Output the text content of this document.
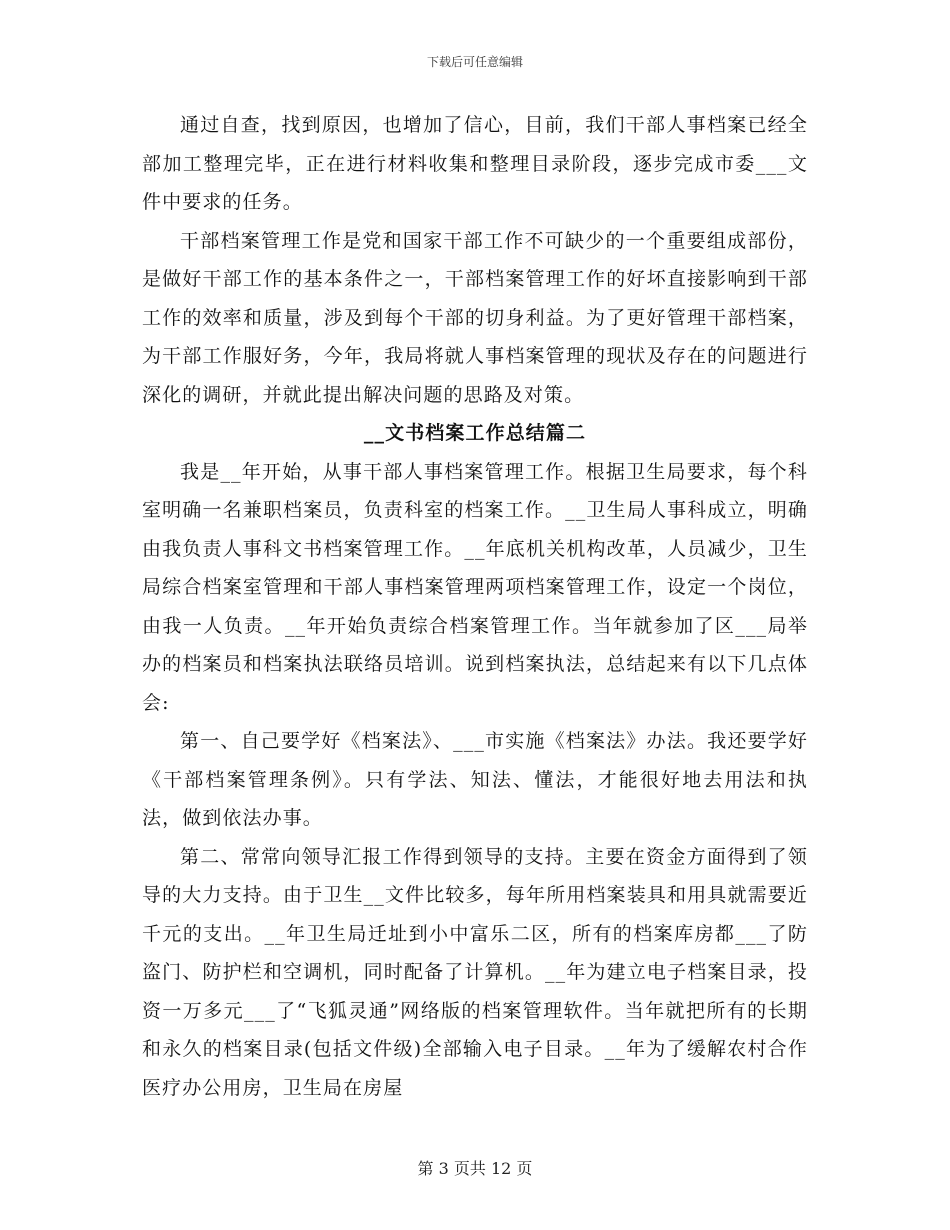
下载后可任意编辑

通过自查，找到原因，也增加了信心，目前，我们干部人事档案已经全部加工整理完毕，正在进行材料收集和整理目录阶段，逐步完成市委___文件中要求的任务。

干部档案管理工作是党和国家干部工作不可缺少的一个重要组成部份，是做好干部工作的基本条件之一，干部档案管理工作的好坏直接影响到干部工作的效率和质量，涉及到每个干部的切身利益。为了更好管理干部档案，为干部工作服好务，今年，我局将就人事档案管理的现状及存在的问题进行深化的调研，并就此提出解决问题的思路及对策。

__文书档案工作总结篇二

我是__年开始，从事干部人事档案管理工作。根据卫生局要求，每个科室明确一名兼职档案员，负责科室的档案工作。__卫生局人事科成立，明确由我负责人事科文书档案管理工作。__年底机关机构改革，人员减少，卫生局综合档案室管理和干部人事档案管理两项档案管理工作，设定一个岗位，由我一人负责。__年开始负责综合档案管理工作。当年就参加了区___局举办的档案员和档案执法联络员培训。说到档案执法，总结起来有以下几点体会:

第一、自己要学好《档案法》、___市实施《档案法》办法。我还要学好《干部档案管理条例》。只有学法、知法、懂法，才能很好地去用法和执法，做到依法办事。

第二、常常向领导汇报工作得到领导的支持。主要在资金方面得到了领导的大力支持。由于卫生__文件比较多，每年所用档案装具和用具就需要近千元的支出。__年卫生局迁址到小中富乐二区，所有的档案库房都___了防盗门、防护栏和空调机，同时配备了计算机。__年为建立电子档案目录，投资一万多元___了“飞狐灵通”网络版的档案管理软件。当年就把所有的长期和永久的档案目录(包括文件级)全部输入电子目录。__年为了缓解农村合作医疗办公用房，卫生局在房屋

第 3 页共 12 页
